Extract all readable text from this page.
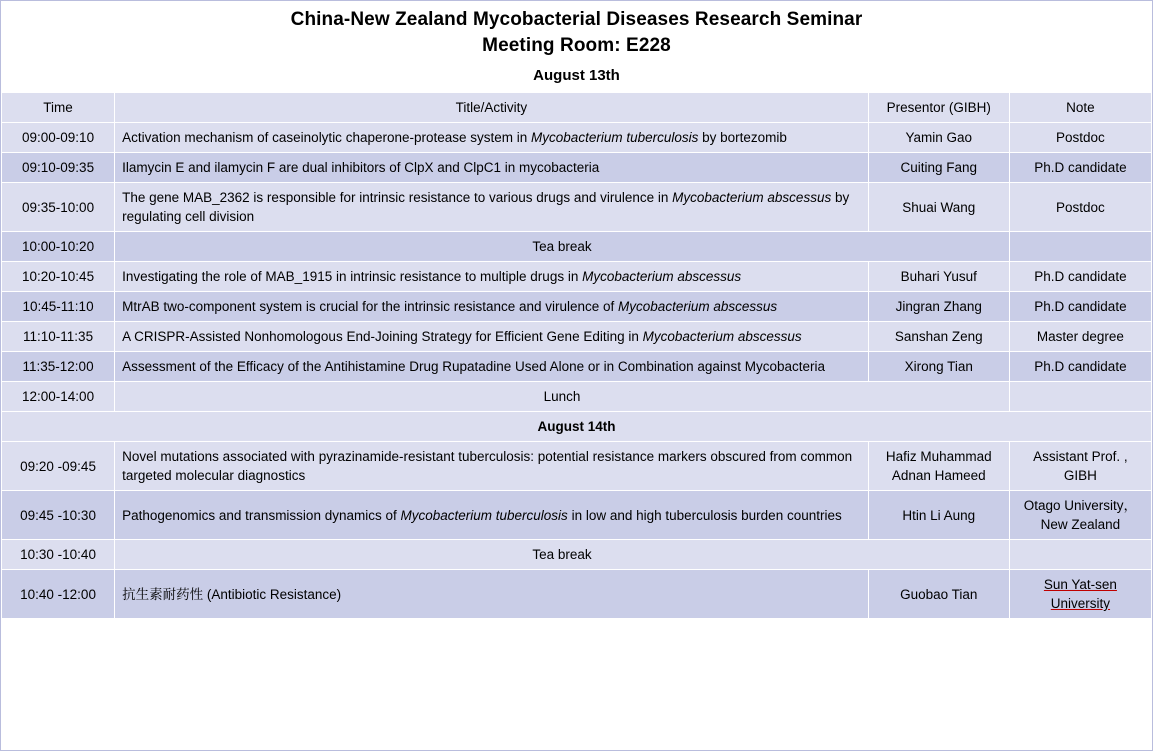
China-New Zealand Mycobacterial Diseases Research Seminar
Meeting Room: E228
August 13th
Time	Title/Activity	Presentor (GIBH)	Note
09:00-09:10	Activation mechanism of caseinolytic chaperone-protease system in Mycobacterium tuberculosis by bortezomib	Yamin Gao	Postdoc
09:10-09:35	Ilamycin E and ilamycin F are dual inhibitors of ClpX and ClpC1 in mycobacteria	Cuiting Fang	Ph.D candidate
09:35-10:00	The gene MAB_2362 is responsible for intrinsic resistance to various drugs and virulence in Mycobacterium abscessus by regulating cell division	Shuai Wang	Postdoc
10:00-10:20	Tea break		
10:20-10:45	Investigating the role of MAB_1915 in intrinsic resistance to multiple drugs in Mycobacterium abscessus	Buhari Yusuf	Ph.D candidate
10:45-11:10	MtrAB two-component system is crucial for the intrinsic resistance and virulence of Mycobacterium abscessus	Jingran Zhang	Ph.D candidate
11:10-11:35	A CRISPR-Assisted Nonhomologous End-Joining Strategy for Efficient Gene Editing in Mycobacterium abscessus	Sanshan Zeng	Master degree
11:35-12:00	Assessment of the Efficacy of the Antihistamine Drug Rupatadine Used Alone or in Combination against Mycobacteria	Xirong Tian	Ph.D candidate
12:00-14:00	Lunch		
August 14th			
09:20 -09:45	Novel mutations associated with pyrazinamide-resistant tuberculosis: potential resistance markers obscured from common targeted molecular diagnostics	Hafiz Muhammad Adnan Hameed	Assistant Prof. , GIBH
09:45 -10:30	Pathogenomics and transmission dynamics of Mycobacterium tuberculosis in low and high tuberculosis burden countries	Htin Li Aung	Otago University，New Zealand
10:30 -10:40	Tea break		
10:40 -12:00	抗生素耐药性 (Antibiotic Resistance)	Guobao Tian	Sun Yat-sen University
